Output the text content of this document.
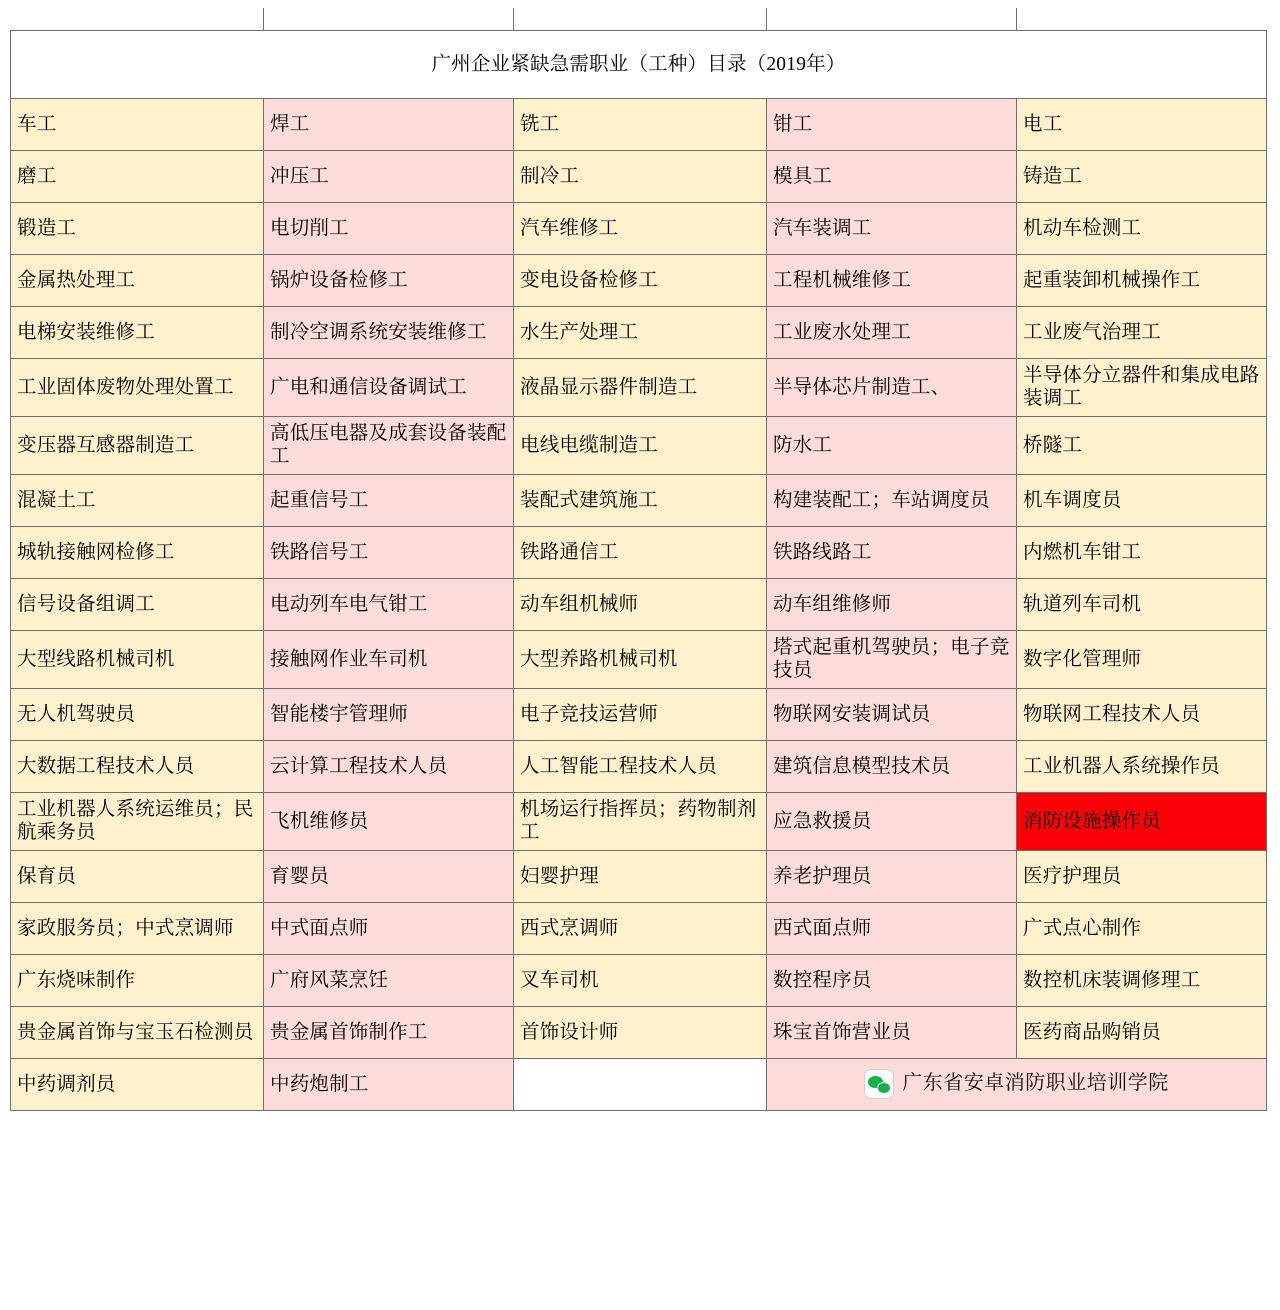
广州企业紧缺急需职业（工种）目录（2019年）				
车工	焊工	铣工	钳工	电工
磨工	冲压工	制冷工	模具工	铸造工
锻造工	电切削工	汽车维修工	汽车装调工	机动车检测工
金属热处理工	锅炉设备检修工	变电设备检修工	工程机械维修工	起重装卸机械操作工
电梯安装维修工	制冷空调系统安装维修工	水生产处理工	工业废水处理工	工业废气治理工
工业固体废物处理处置工	广电和通信设备调试工	液晶显示器件制造工	半导体芯片制造工、	半导体分立器件和集成电路装调工
变压器互感器制造工	高低压电器及成套设备装配工	电线电缆制造工	防水工	桥隧工
混凝土工	起重信号工	装配式建筑施工	构建装配工；车站调度员	机车调度员
城轨接触网检修工	铁路信号工	铁路通信工	铁路线路工	内燃机车钳工
信号设备组调工	电动列车电气钳工	动车组机械师	动车组维修师	轨道列车司机
大型线路机械司机	接触网作业车司机	大型养路机械司机	塔式起重机驾驶员；电子竞技员	数字化管理师
无人机驾驶员	智能楼宇管理师	电子竞技运营师	物联网安装调试员	物联网工程技术人员
大数据工程技术人员	云计算工程技术人员	人工智能工程技术人员	建筑信息模型技术员	工业机器人系统操作员
工业机器人系统运维员；民航乘务员	飞机维修员	机场运行指挥员；药物制剂工	应急救援员	消防设施操作员
保育员	育婴员	妇婴护理	养老护理员	医疗护理员
家政服务员；中式烹调师	中式面点师	西式烹调师	西式面点师	广式点心制作
广东烧味制作	广府风菜烹饪	叉车司机	数控程序员	数控机床装调修理工
贵金属首饰与宝玉石检测员	贵金属首饰制作工	首饰设计师	珠宝首饰营业员	医药商品购销员
中药调剂员	中药炮制工		广东省安卓消防职业培训学院	
